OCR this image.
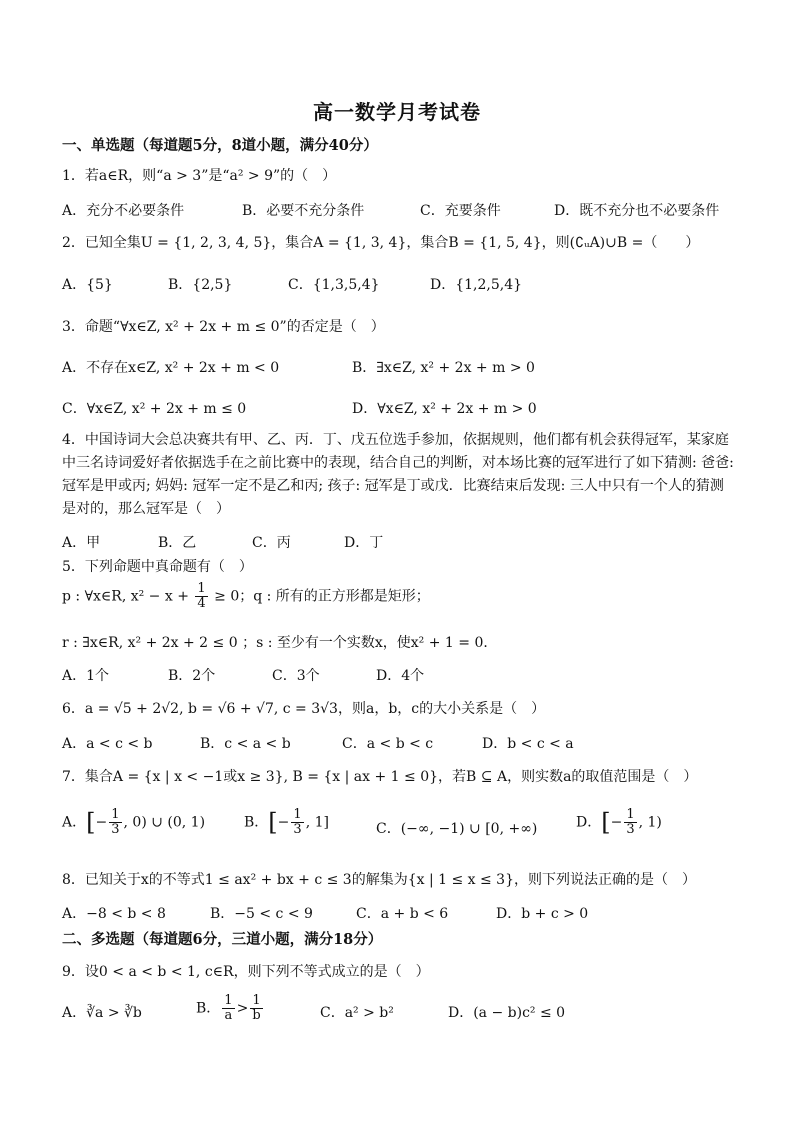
高一数学月考试卷
一、单选题（每道题5分，8道小题，满分40分）
1．若a∈R，则“a > 3”是“a² > 9”的（　）
A．充分不必要条件	B．必要不充分条件	C．充要条件	D．既不充分也不必要条件
2．已知全集U = {1, 2, 3, 4, 5}，集合A = {1, 3, 4}，集合B = {1, 5, 4}，则(∁ᵤA)∪B =（　　）
A．{5}	B．{2,5}	C．{1,3,5,4}	D．{1,2,5,4}
3．命题“∀x∈Z, x² + 2x + m ≤ 0”的否定是（　）
A．不存在x∈Z, x² + 2x + m < 0	B．∃x∈Z, x² + 2x + m > 0
C．∀x∈Z, x² + 2x + m ≤ 0	D．∀x∈Z, x² + 2x + m > 0
4．中国诗词大会总决赛共有甲、乙、丙．丁、戊五位选手参加，依据规则，他们都有机会获得冠军，某家庭中三名诗词爱好者依据选手在之前比赛中的表现，结合自己的判断，对本场比赛的冠军进行了如下猜测: 爸爸: 冠军是甲或丙; 妈妈: 冠军一定不是乙和丙; 孩子: 冠军是丁或戊．比赛结束后发现: 三人中只有一个人的猜测是对的，那么冠军是（　）
A．甲	B．乙	C．丙	D．丁
5．下列命题中真命题有（　）
p : ∀x∈R, $x^2 - x + \frac{1}{4} \ge 0$；q : 所有的正方形都是矩形；
r : ∃x∈R, x² + 2x + 2 ≤ 0 ；s : 至少有一个实数x，使x² + 1 = 0．
A．1个	B．2个	C．3个	D．4个
6．a = √5 + 2√2, b = √6 + √7, c = 3√3，则a，b，c的大小关系是（　）
A．a < c < b	B．c < a < b	C．a < b < c	D．b < c < a
7．集合A = {x | x < −1或x ≥ 3}, B = {x | ax + 1 ≤ 0}，若B ⊆ A，则实数a的取值范围是（　）
A．[− $\frac{1}{3}$ , 0) ∪ (0, 1)	B．[− $\frac{1}{3}$ , 1]	C．(−∞, −1) ∪ [0, +∞)	D．[− $\frac{1}{3}$ , 1)
8．已知关于x的不等式1 ≤ ax² + bx + c ≤ 3的解集为{x | 1 ≤ x ≤ 3}，则下列说法正确的是（　）
A．−8 < b < 8	B．−5 < c < 9	C．a + b < 6	D．b + c > 0
二、多选题（每道题6分，三道小题，满分18分）
9．设0 < a < b < 1, c∈R，则下列不等式成立的是（　）
A．∛a > ∛b	B． $\frac{1}{a} > \frac{1}{b}$	C．a² > b²	D．(a − b)c² ≤ 0
